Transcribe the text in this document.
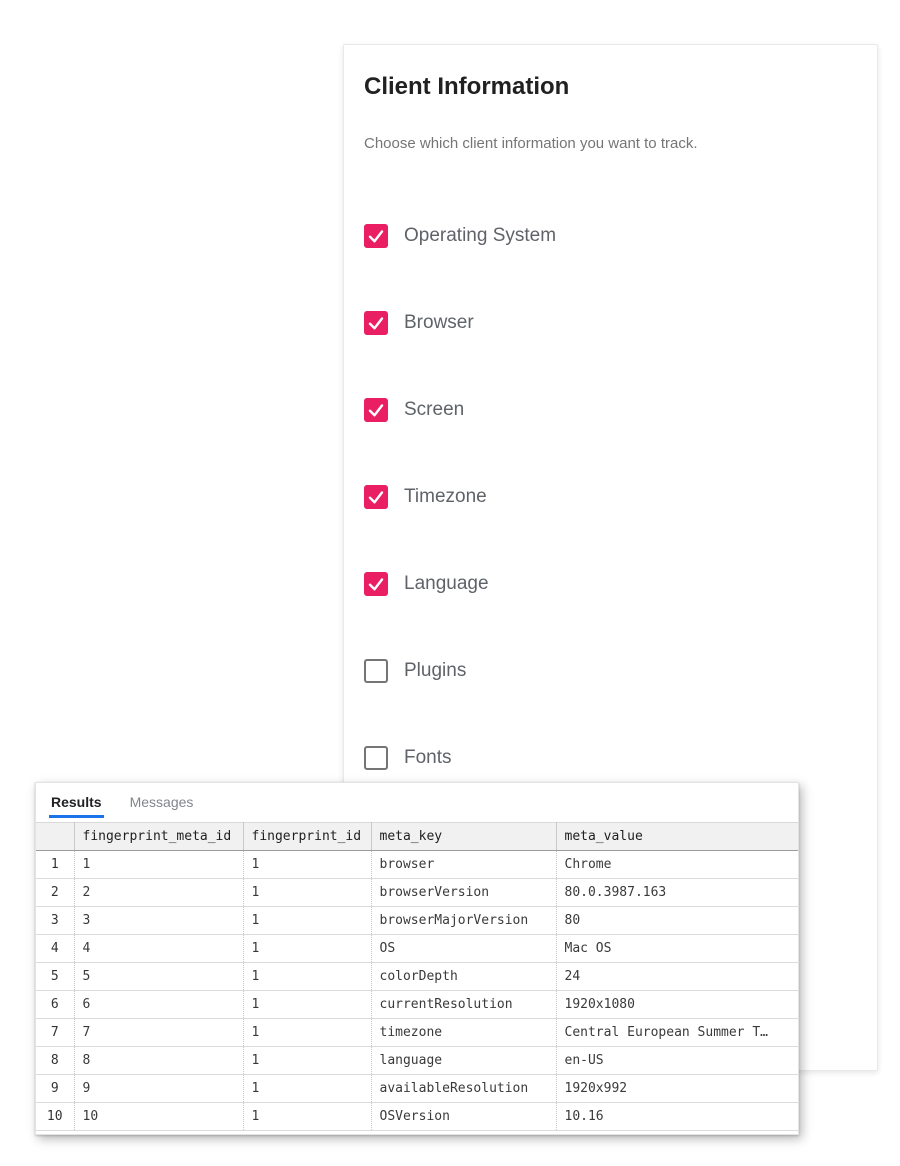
Client Information

Choose which client information you want to track.

Operating System
Browser
Screen
Timezone
Language
Plugins
Fonts
Results Messages
	fingerprint_meta_id	fingerprint_id	meta_key	meta_value
1	1	1	browser	Chrome
2	2	1	browserVersion	80.0.3987.163
3	3	1	browserMajorVersion	80
4	4	1	OS	Mac OS
5	5	1	colorDepth	24
6	6	1	currentResolution	1920x1080
7	7	1	timezone	Central European Summer T…
8	8	1	language	en-US
9	9	1	availableResolution	1920x992
10	10	1	OSVersion	10.16
